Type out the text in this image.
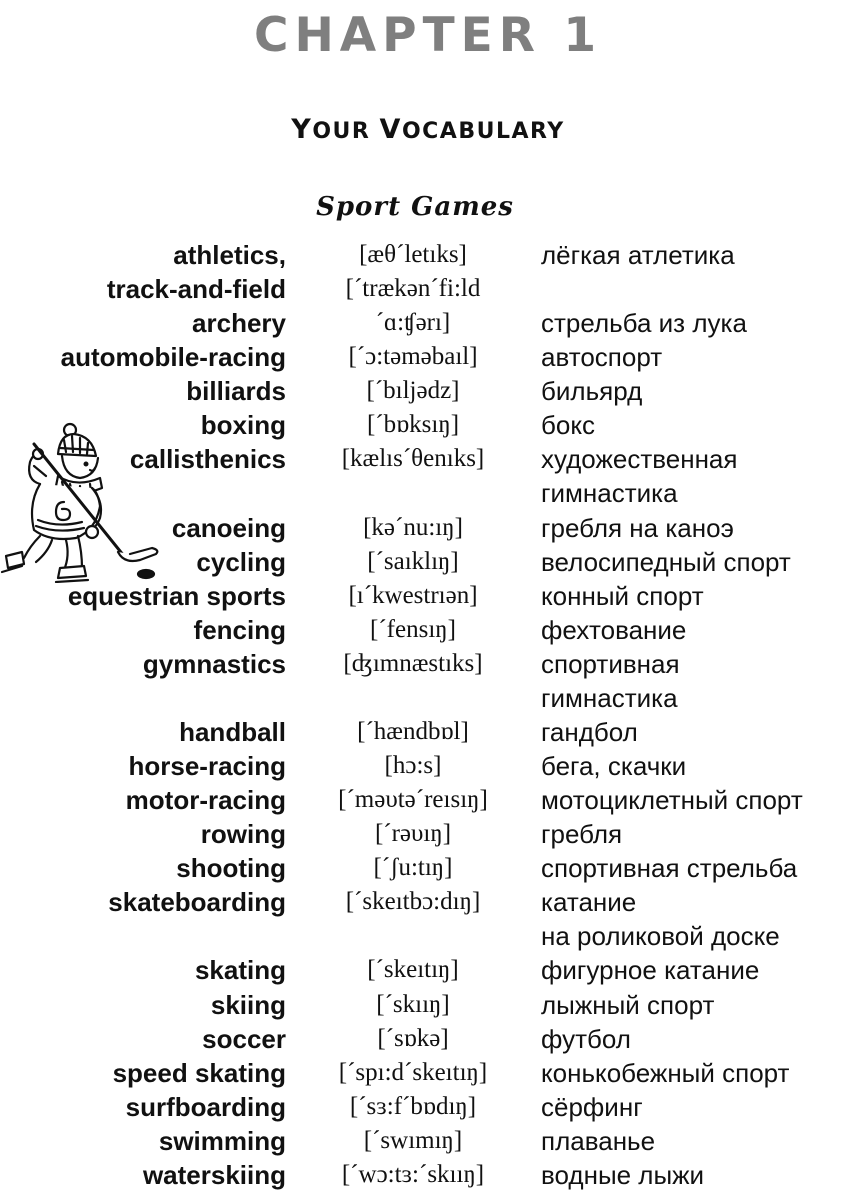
CHAPTER 1
YOUR VOCABULARY
Sport Games
athletics,	[æθ´letıks]	лёгкая атлетика
track-and-field	[´trækən´fi:ld
archery	´ɑ:ʧərı]	стрельба из лука
automobile-racing	[´ɔ:təməbaıl]	автоспорт
billiards	[´bıljədz]	бильярд
boxing	[´bɒksıŋ]	бокс
callisthenics	[kælıs´θenıks]	художественная
гимнастика
canoeing	[kə´nu:ıŋ]	гребля на каноэ
cycling	[´saıklıŋ]	велосипедный спорт
equestrian sports	[ı´kwestrıən]	конный спорт
fencing	[´fensıŋ]	фехтование
gymnastics	[ʤımnæstıks]	спортивная
гимнастика
handball	[´hændbɒl]	гандбол
horse-racing	[hɔ:s]	бега, скачки
motor-racing	[´məυtə´reısıŋ]	мотоциклетный спорт
rowing	[´rəυıŋ]	гребля
shooting	[´ʃu:tıŋ]	спортивная стрельба
skateboarding	[´skeıtbɔ:dıŋ]	катание
на роликовой доске
skating	[´skeıtıŋ]	фигурное катание
skiing	[´skııŋ]	лыжный спорт
soccer	[´sɒkə]	футбол
speed skating	[´spı:d´skeıtıŋ]	конькобежный спорт
surfboarding	[´sɜ:f´bɒdıŋ]	сёрфинг
swimming	[´swımıŋ]	плаванье
waterskiing	[´wɔ:tɜ:´skııŋ]	водные лыжи
